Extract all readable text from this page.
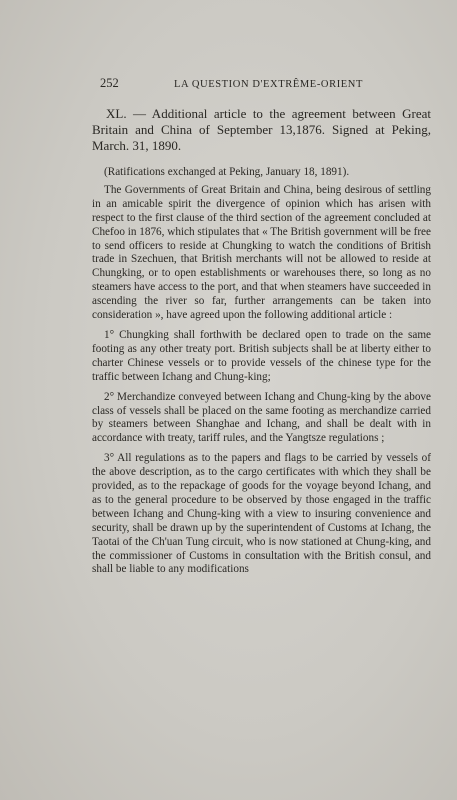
252	LA QUESTION D'EXTRÊME-ORIENT

XL. — Additional article to the agreement between Great Britain and China of September 13,1876. Signed at Peking, March. 31, 1890.

(Ratifications exchanged at Peking, January 18, 1891).

The Governments of Great Britain and China, being desirous of settling in an amicable spirit the divergence of opinion which has arisen with respect to the first clause of the third section of the agreement concluded at Chefoo in 1876, which stipulates that « The British government will be free to send officers to reside at Chungking to watch the conditions of British trade in Szechuen, that British merchants will not be allowed to reside at Chungking, or to open establishments or warehouses there, so long as no steamers have access to the port, and that when steamers have succeeded in ascending the river so far, further arrangements can be taken into consideration », have agreed upon the following additional article :

1° Chungking shall forthwith be declared open to trade on the same footing as any other treaty port. British subjects shall be at liberty either to charter Chinese vessels or to provide vessels of the chinese type for the traffic between Ichang and Chung-king;

2° Merchandize conveyed between Ichang and Chung-king by the above class of vessels shall be placed on the same footing as merchandize carried by steamers between Shanghae and Ichang, and shall be dealt with in accordance with treaty, tariff rules, and the Yangtsze regulations ;

3° All regulations as to the papers and flags to be carried by vessels of the above description, as to the cargo certificates with which they shall be provided, as to the repackage of goods for the voyage beyond Ichang, and as to the general procedure to be observed by those engaged in the traffic between Ichang and Chung-king with a view to insuring convenience and security, shall be drawn up by the superintendent of Customs at Ichang, the Taotai of the Ch'uan Tung circuit, who is now stationed at Chung-king, and the commissioner of Customs in consultation with the British consul, and shall be liable to any modifications
